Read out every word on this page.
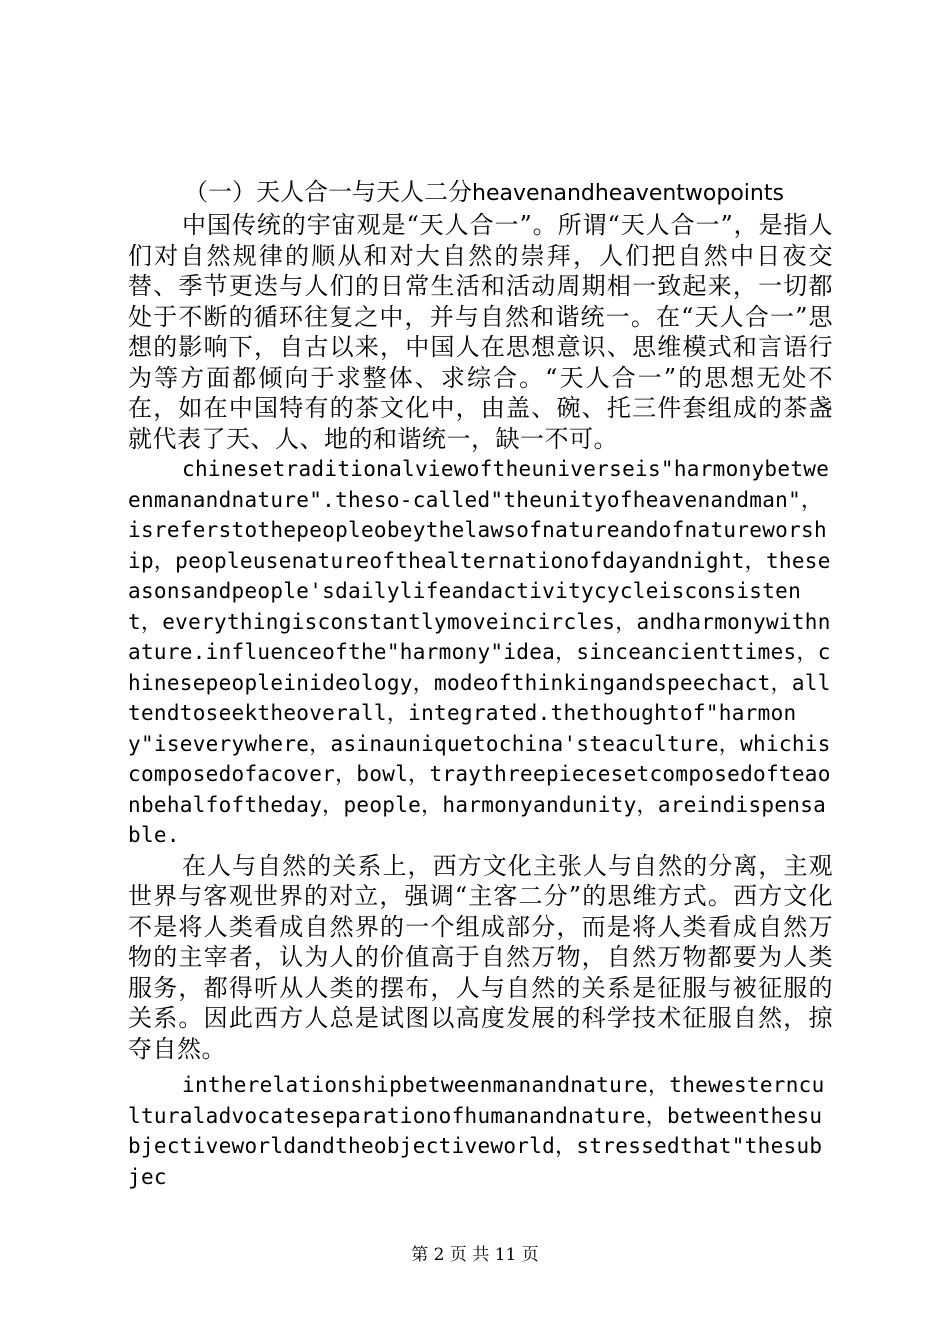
（一）天人合一与天人二分heavenandheaventwopoints

中国传统的宇宙观是“天人合一”。所谓“天人合一”，是指人们对自然规律的顺从和对大自然的崇拜，人们把自然中日夜交替、季节更迭与人们的日常生活和活动周期相一致起来，一切都处于不断的循环往复之中，并与自然和谐统一。在“天人合一”思想的影响下，自古以来，中国人在思想意识、思维模式和言语行为等方面都倾向于求整体、求综合。“天人合一”的思想无处不在，如在中国特有的茶文化中，由盖、碗、托三件套组成的茶盏就代表了天、人、地的和谐统一，缺一不可。

chinesetraditionalviewoftheuniverseis"harmonybetweenmanandnature".theso-called"theunityofheavenandman"，isreferstothepeopleobeythelawsofnatureandofnatureworship，peopleusenatureofthealternationofdayandnight，theseasonsandpeople'sdailylifeandactivitycycleisconsistent，everythingisconstantlymoveincircles，andharmonywithnature.influenceofthe"harmony"idea，sinceancienttimes，chinesepeopleinideology，modeofthinkingandspeechact，alltendtoseektheoverall，integrated.thethoughtof"harmony"iseverywhere，asinauniquetochina'steaculture，whichiscomposedofacover，bowl，traythreepiecesetcomposedofteaonbehalfoftheday，people，harmonyandunity，areindispensable.

在人与自然的关系上，西方文化主张人与自然的分离，主观世界与客观世界的对立，强调“主客二分”的思维方式。西方文化不是将人类看成自然界的一个组成部分，而是将人类看成自然万物的主宰者，认为人的价值高于自然万物，自然万物都要为人类服务，都得听从人类的摆布，人与自然的关系是征服与被征服的关系。因此西方人总是试图以高度发展的科学技术征服自然，掠夺自然。

intherelationshipbetweenmanandnature，thewesternculturaladvocateseparationofhumanandnature，betweenthesubjectiveworldandtheobjectiveworld，stressedthat"thesubjec

第 2 页 共 11 页
